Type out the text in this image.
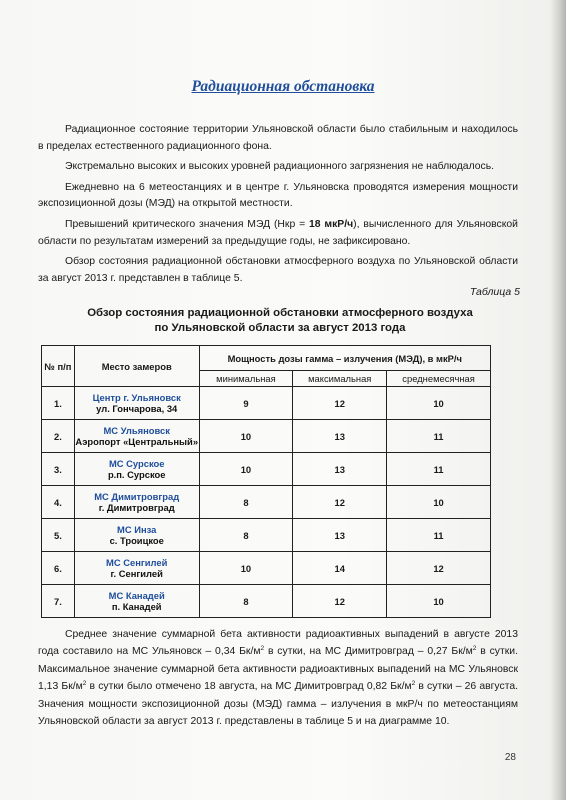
Радиационная обстановка

Радиационное состояние территории Ульяновской области было стабильным и находилось в пределах естественного радиационного фона.

Экстремально высоких и высоких уровней радиационного загрязнения не наблюдалось.

Ежедневно на 6 метеостанциях и в центре г. Ульяновска проводятся измерения мощности экспозиционной дозы (МЭД) на открытой местности.

Превышений критического значения МЭД (Нкр = 18 мкР/ч), вычисленного для Ульяновской области по результатам измерений за предыдущие годы, не зафиксировано.

Обзор состояния радиационной обстановки атмосферного воздуха по Ульяновской области за август 2013 г. представлен в таблице 5.

Таблица 5
Обзор состояния радиационной обстановки атмосферного воздуха
по Ульяновской области за август 2013 года
№ п/п	Место замеров	Мощность дозы гамма – излучения (МЭД), в мкР/ч		
		минимальная	максимальная	среднемесячная
1.	Центр г. Ульяновск
ул. Гончарова, 34	9	12	10
2.	МС Ульяновск
Аэропорт «Центральный»	10	13	11
3.	МС Сурское
р.п. Сурское	10	13	11
4.	МС Димитровград
г. Димитровград	8	12	10
5.	МС Инза
с. Троицкое	8	13	11
6.	МС Сенгилей
г. Сенгилей	10	14	12
7.	МС Канадей
п. Канадей	8	12	10

Среднее значение суммарной бета активности радиоактивных выпадений в августе 2013 года составило на МС Ульяновск – 0,34 $Бк/м^2$ в сутки, на МС Димитровград – 0,27 $Бк/м^2$ в сутки. Максимальное значение суммарной бета активности радиоактивных выпадений на МС Ульяновск 1,13 $Бк/м^2$ в сутки было отмечено 18 августа, на МС Димитровград 0,82 $Бк/м^2$ в сутки – 26 августа. Значения мощности экспозиционной дозы (МЭД) гамма – излучения в мкР/ч по метеостанциям Ульяновской области за август 2013 г. представлены в таблице 5 и на диаграмме 10.

28
